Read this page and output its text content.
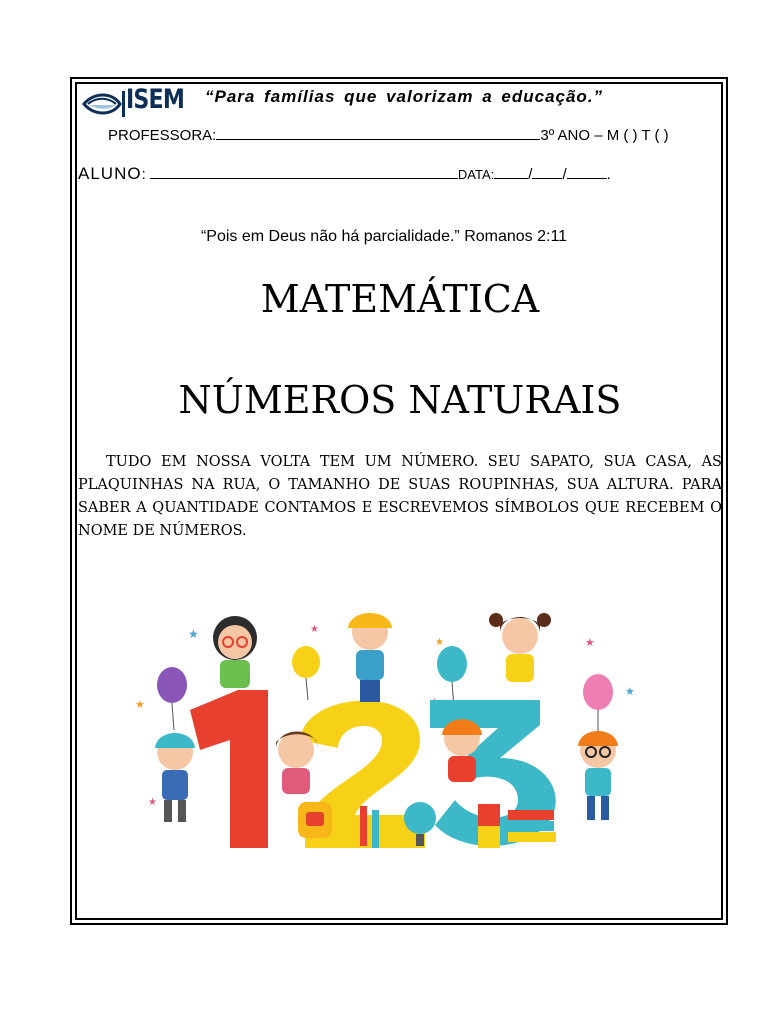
ISEM “Para famílias que valorizam a educação.”
PROFESSORA:	3º ANO – M ( ) T ( )
ALUNO:	DATA: / /	.
“Pois em Deus não há parcialidade.” Romanos 2:11
MATEMÁTICA
NÚMEROS NATURAIS
TUDO EM NOSSA VOLTA TEM UM NÚMERO. SEU SAPATO, SUA CASA, AS PLAQUINHAS NA RUA, O TAMANHO DE SUAS ROUPINHAS, SUA ALTURA. PARA SABER A QUANTIDADE CONTAMOS E ESCREVEMOS SÍMBOLOS QUE RECEBEM O NOME DE NÚMEROS.
★	★
★	★
★
★
★
